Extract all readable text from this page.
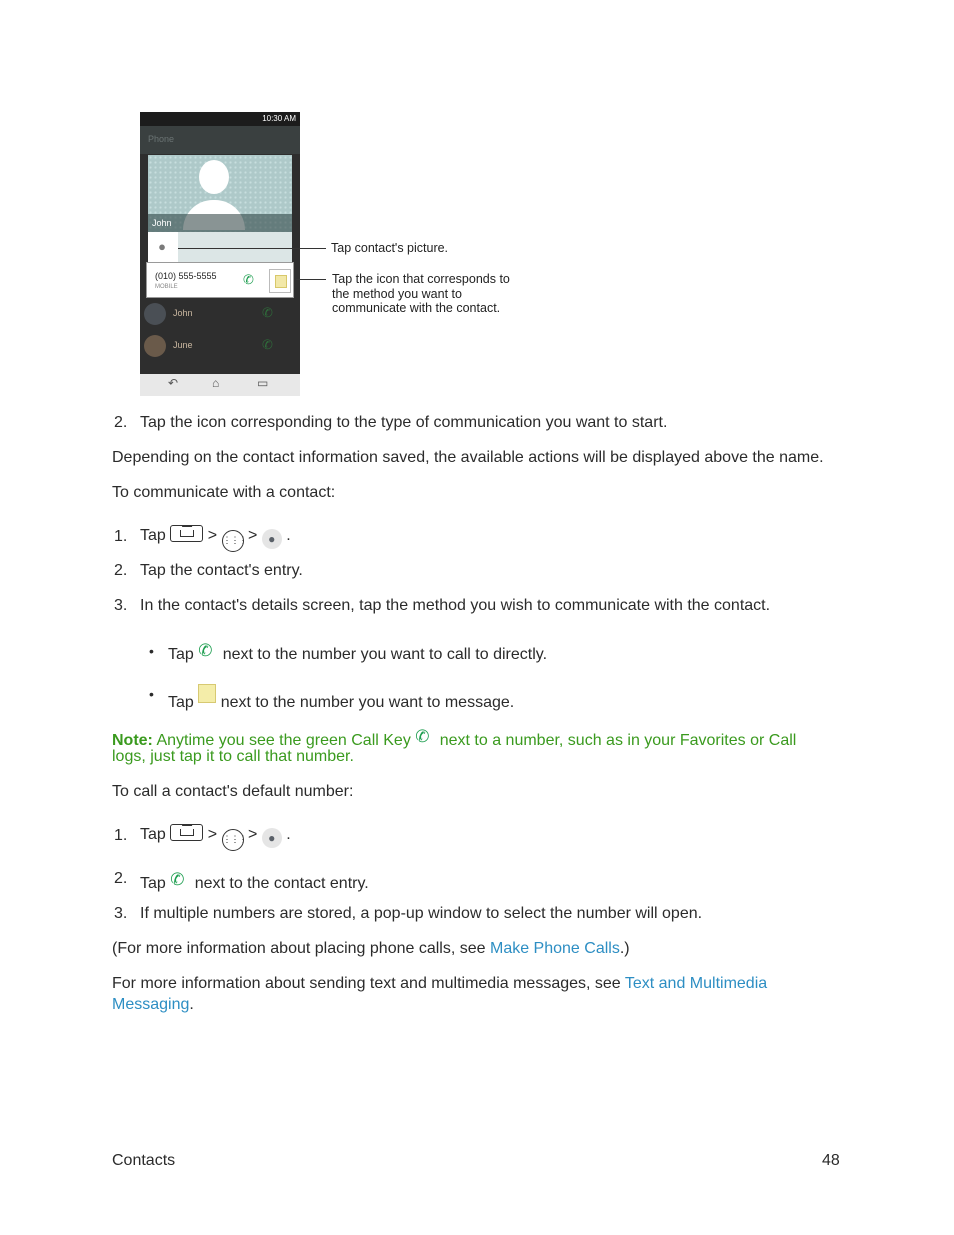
10:30 AM
Phone
John
●
(010) 555-5555
MOBILE	✆
John	✆
June	✆
↶	⌂	▭
Tap contact's picture.
Tap the icon that corresponds to
the method you want to
communicate with the contact.

2. Tap the icon corresponding to the type of communication you want to start.

Depending on the contact information saved, the available actions will be displayed above the name.

To communicate with a contact:

1. Tap	> ⋮⋮⋮ > ● .

2. Tap the contact's entry.

3. In the contact's details screen, tap the method you wish to communicate with the contact.

• Tap ✆ next to the number you want to call to directly.

• Tap next to the number you want to message.

Note: Anytime you see the green Call Key ✆ next to a number, such as in your Favorites or Call

logs, just tap it to call that number.

To call a contact's default number:

1. Tap	> ⋮⋮⋮ > ● .

2. Tap ✆ next to the contact entry.

3. If multiple numbers are stored, a pop-up window to select the number will open.

(For more information about placing phone calls, see Make Phone Calls.)

For more information about sending text and multimedia messages, see Text and Multimedia

Messaging.

Contacts	48
